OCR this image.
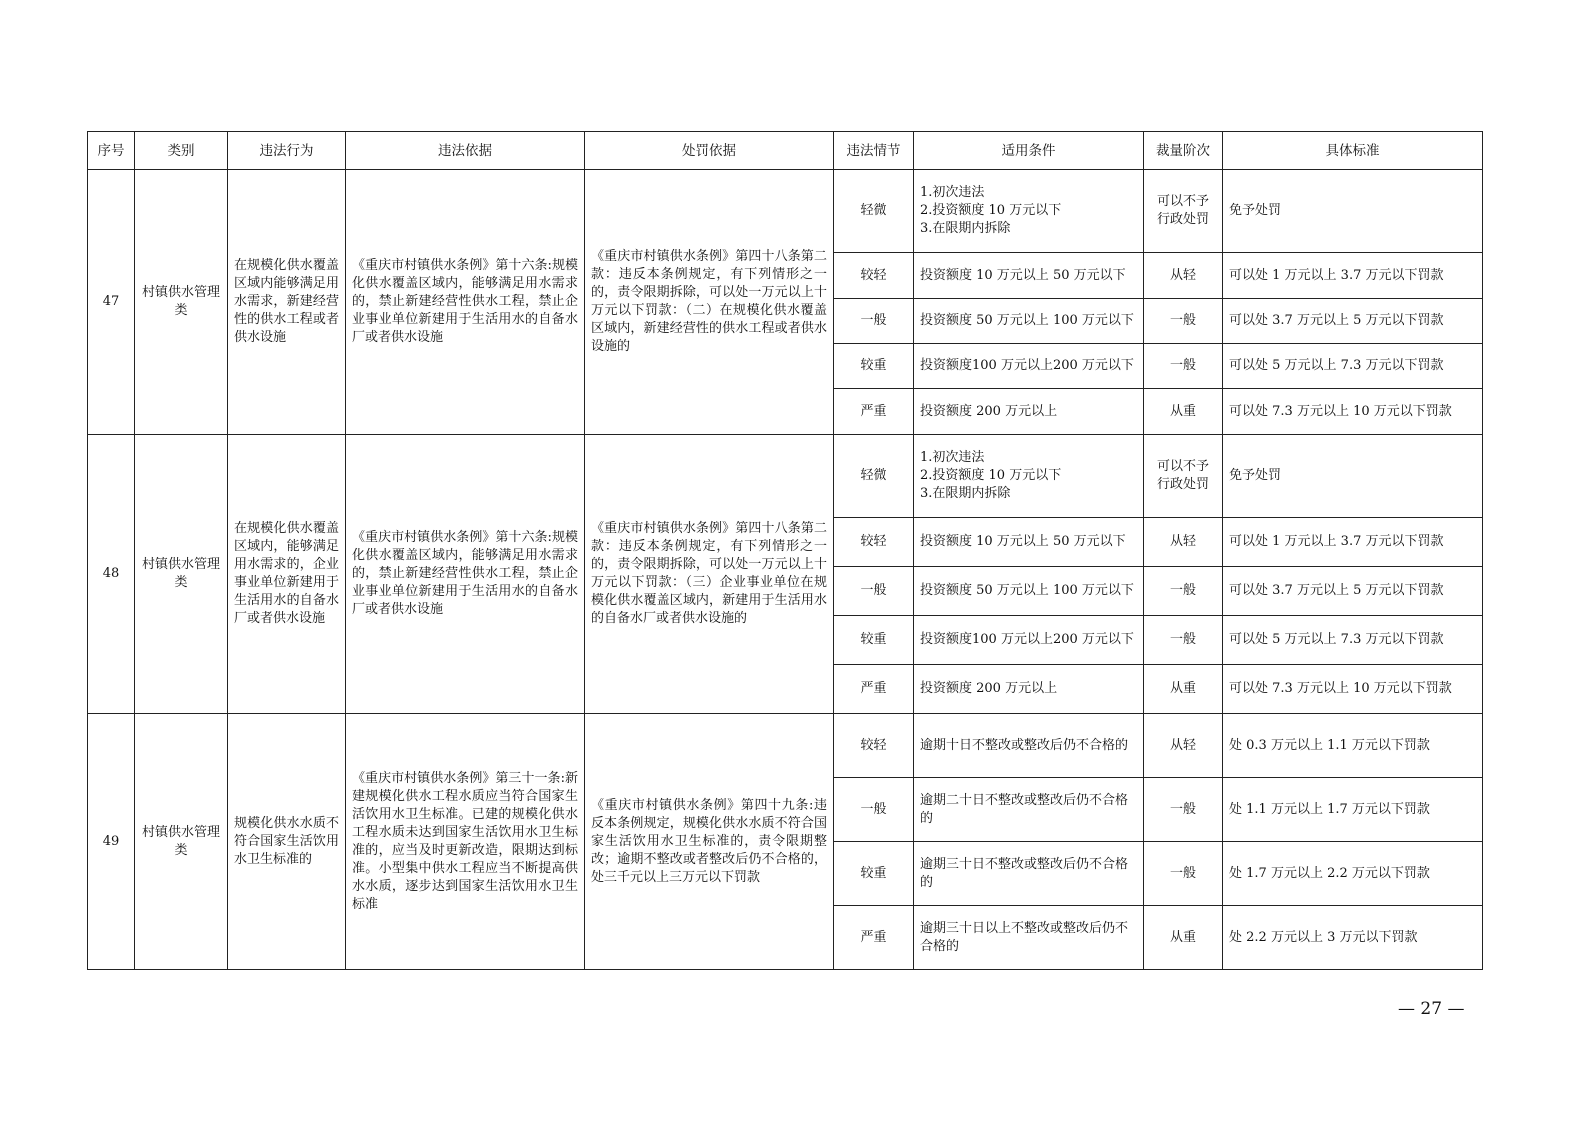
序号	类别	违法行为	违法依据	处罚依据	违法情节	适用条件	裁量阶次	具体标准
47	村镇供水管理类	在规模化供水覆盖区域内能够满足用水需求，新建经营性的供水工程或者供水设施	《重庆市村镇供水条例》第十六条:规模化供水覆盖区域内，能够满足用水需求的，禁止新建经营性供水工程，禁止企业事业单位新建用于生活用水的自备水厂或者供水设施	《重庆市村镇供水条例》第四十八条第二款：违反本条例规定，有下列情形之一的，责令限期拆除，可以处一万元以上十万元以下罚款：（二）在规模化供水覆盖区域内，新建经营性的供水工程或者供水设施的	轻微	1.初次违法
2.投资额度 10 万元以下
3.在限期内拆除	可以不予
行政处罚	免予处罚
					较轻	投资额度 10 万元以上 50 万元以下	从轻	可以处 1 万元以上 3.7 万元以下罚款
					一般	投资额度 50 万元以上 100 万元以下	一般	可以处 3.7 万元以上 5 万元以下罚款
					较重	投资额度100 万元以上200 万元以下	一般	可以处 5 万元以上 7.3 万元以下罚款
					严重	投资额度 200 万元以上	从重	可以处 7.3 万元以上 10 万元以下罚款
48	村镇供水管理类	在规模化供水覆盖区域内，能够满足用水需求的，企业事业单位新建用于生活用水的自备水厂或者供水设施	《重庆市村镇供水条例》第十六条:规模化供水覆盖区域内，能够满足用水需求的，禁止新建经营性供水工程，禁止企业事业单位新建用于生活用水的自备水厂或者供水设施	《重庆市村镇供水条例》第四十八条第二款：违反本条例规定，有下列情形之一的，责令限期拆除，可以处一万元以上十万元以下罚款：（三）企业事业单位在规模化供水覆盖区域内，新建用于生活用水的自备水厂或者供水设施的	轻微	1.初次违法
2.投资额度 10 万元以下
3.在限期内拆除	可以不予
行政处罚	免予处罚
					较轻	投资额度 10 万元以上 50 万元以下	从轻	可以处 1 万元以上 3.7 万元以下罚款
					一般	投资额度 50 万元以上 100 万元以下	一般	可以处 3.7 万元以上 5 万元以下罚款
					较重	投资额度100 万元以上200 万元以下	一般	可以处 5 万元以上 7.3 万元以下罚款
					严重	投资额度 200 万元以上	从重	可以处 7.3 万元以上 10 万元以下罚款
49	村镇供水管理类	规模化供水水质不符合国家生活饮用水卫生标准的	《重庆市村镇供水条例》第三十一条:新建规模化供水工程水质应当符合国家生活饮用水卫生标准。已建的规模化供水工程水质未达到国家生活饮用水卫生标准的，应当及时更新改造，限期达到标准。小型集中供水工程应当不断提高供水水质，逐步达到国家生活饮用水卫生标准	《重庆市村镇供水条例》第四十九条:违反本条例规定，规模化供水水质不符合国家生活饮用水卫生标准的，责令限期整改；逾期不整改或者整改后仍不合格的，处三千元以上三万元以下罚款	较轻	逾期十日不整改或整改后仍不合格的	从轻	处 0.3 万元以上 1.1 万元以下罚款
					一般	逾期二十日不整改或整改后仍不合格的	一般	处 1.1 万元以上 1.7 万元以下罚款
					较重	逾期三十日不整改或整改后仍不合格的	一般	处 1.7 万元以上 2.2 万元以下罚款
					严重	逾期三十日以上不整改或整改后仍不合格的	从重	处 2.2 万元以上 3 万元以下罚款
— 27 —
